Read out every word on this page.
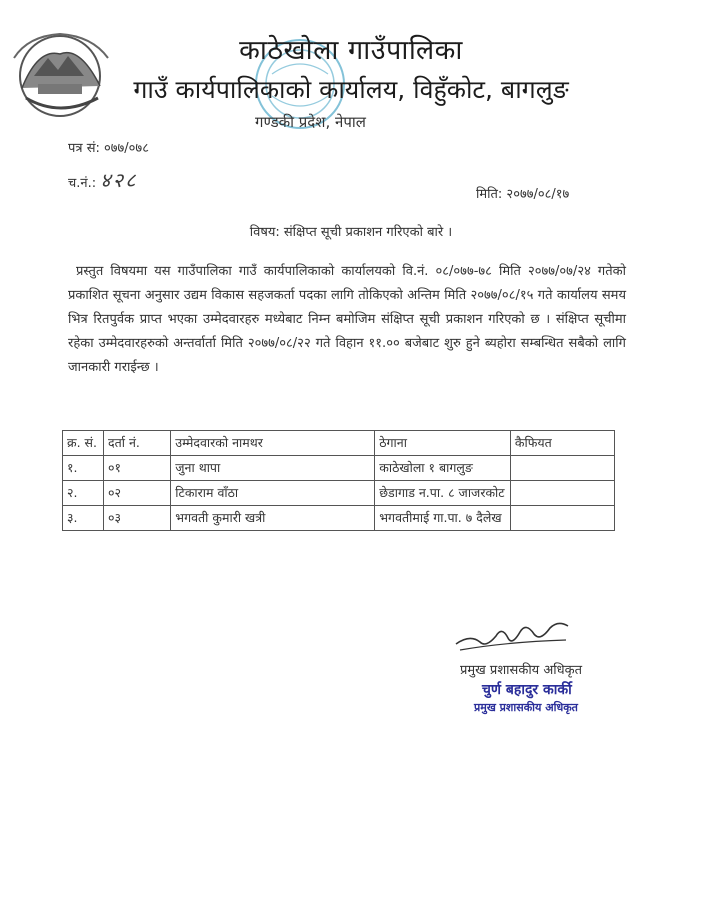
काठेखोला गाउँपालिका
गाउँ कार्यपालिकाको कार्यालय, विहुँकोट, बागलुङ
गण्डकी प्रदेश, नेपाल
पत्र सं: ०७७/०७८
च.नं.: ४२८
मिति: २०७७/०८/१७
विषय: संक्षिप्त सूची प्रकाशन गरिएको बारे ।
प्रस्तुत विषयमा यस गाउँपालिका गाउँ कार्यपालिकाको कार्यालयको वि.नं. ०८/०७७-७८ मिति २०७७/०७/२४ गतेको प्रकाशित सूचना अनुसार उद्यम विकास सहजकर्ता पदका लागि तोकिएको अन्तिम मिति २०७७/०८/१५ गते कार्यालय समय भित्र रितपुर्वक प्राप्त भएका उम्मेदवारहरु मध्येबाट निम्न बमोजिम संक्षिप्त सूची प्रकाशन गरिएको छ । संक्षिप्त सूचीमा रहेका उम्मेदवारहरुको अन्तर्वार्ता मिति २०७७/०८/२२ गते विहान ११.०० बजेबाट शुरु हुने ब्यहोरा सम्बन्धित सबैको लागि जानकारी गराईन्छ ।
क्र. सं.	दर्ता नं.	उम्मेदवारको नामथर	ठेगाना	कैफियत
१.	०१	जुना थापा	काठेखोला १ बागलुङ	
२.	०२	टिकाराम वाँठा	छेडागाड न.पा. ८ जाजरकोट	
३.	०३	भगवती कुमारी खत्री	भगवतीमाई गा.पा. ७ दैलेख	
प्रमुख प्रशासकीय अधिकृत
चुर्ण बहादुर कार्की
प्रमुख प्रशासकीय अधिकृत
